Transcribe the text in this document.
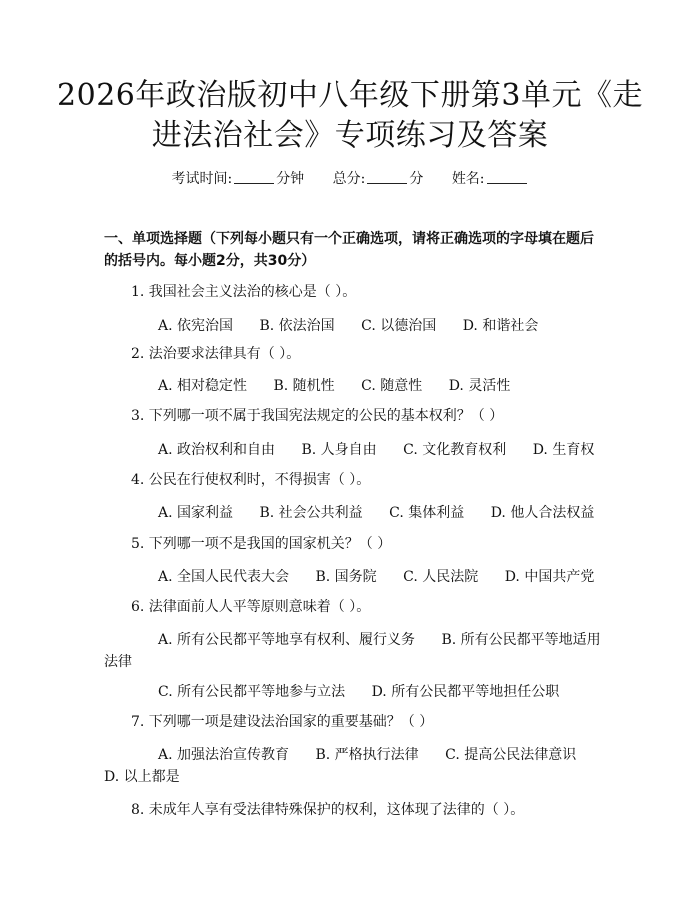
2026年政治版初中八年级下册第3单元《走
进法治社会》专项练习及答案
考试时间:	分钟 总分:	分 姓名:
一、单项选择题（下列每小题只有一个正确选项，请将正确选项的字母填在题后的括号内。每小题2分，共30分）
1. 我国社会主义法治的核心是（ ）。
A. 依宪治国 B. 依法治国 C. 以德治国 D. 和谐社会
2. 法治要求法律具有（ ）。
A. 相对稳定性 B. 随机性 C. 随意性 D. 灵活性
3. 下列哪一项不属于我国宪法规定的公民的基本权利？（ ）
A. 政治权利和自由 B. 人身自由 C. 文化教育权利 D. 生育权
4. 公民在行使权利时，不得损害（ ）。
A. 国家利益 B. 社会公共利益 C. 集体利益 D. 他人合法权益
5. 下列哪一项不是我国的国家机关？（ ）
A. 全国人民代表大会 B. 国务院 C. 人民法院 D. 中国共产党
6. 法律面前人人平等原则意味着（ ）。
A. 所有公民都平等地享有权利、履行义务 B. 所有公民都平等地适用
法律
C. 所有公民都平等地参与立法 D. 所有公民都平等地担任公职
7. 下列哪一项是建设法治国家的重要基础？（ ）
A. 加强法治宣传教育 B. 严格执行法律 C. 提高公民法律意识
D. 以上都是
8. 未成年人享有受法律特殊保护的权利，这体现了法律的（ ）。
